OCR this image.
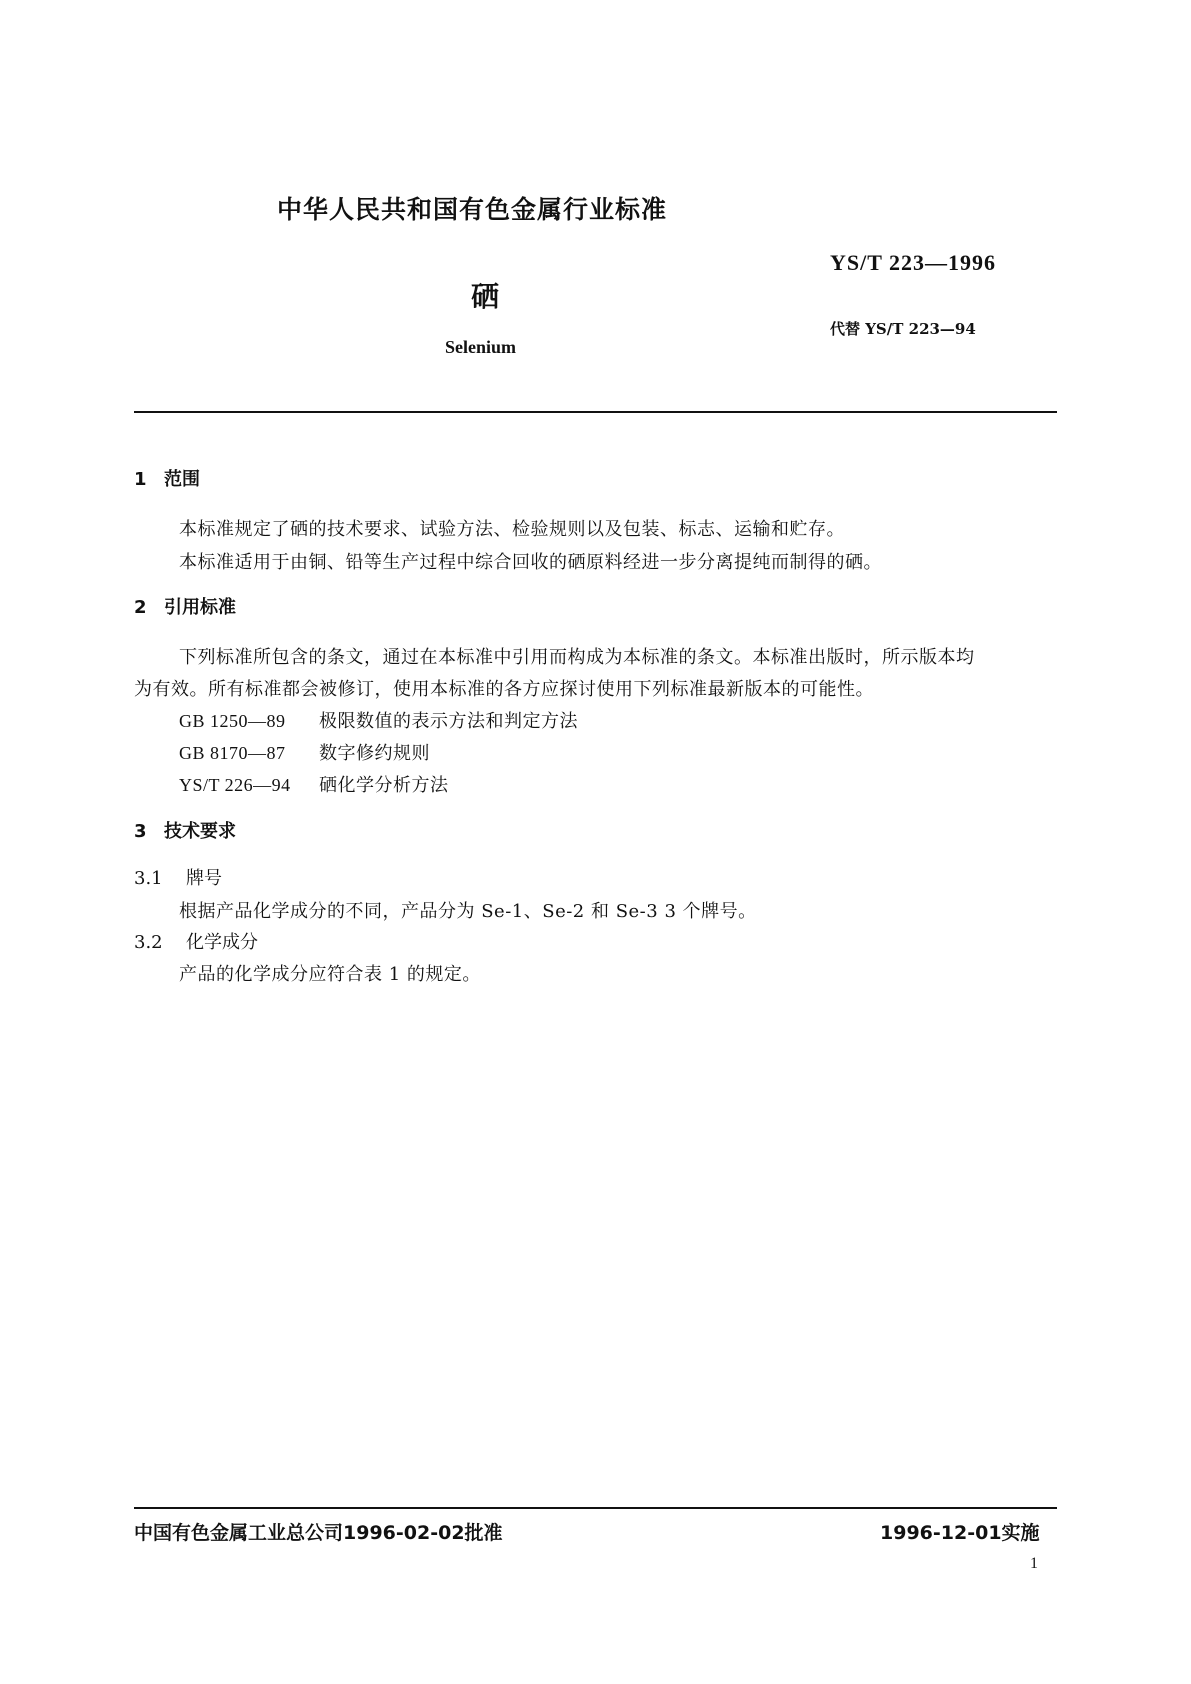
中华人民共和国有色金属行业标准
YS/T 223—1996
硒
代替 YS/T 223—94
Selenium
1 范围
本标准规定了硒的技术要求、试验方法、检验规则以及包装、标志、运输和贮存。
本标准适用于由铜、铅等生产过程中综合回收的硒原料经进一步分离提纯而制得的硒。
2 引用标准
下列标准所包含的条文，通过在本标准中引用而构成为本标准的条文。本标准出版时，所示版本均
为有效。所有标准都会被修订，使用本标准的各方应探讨使用下列标准最新版本的可能性。
GB 1250—89 极限数值的表示方法和判定方法
GB 8170—87 数字修约规则
YS/T 226—94 硒化学分析方法
3 技术要求
3.1 牌号
根据产品化学成分的不同，产品分为 Se-1、Se-2 和 Se-3 3 个牌号。
3.2 化学成分
产品的化学成分应符合表 1 的规定。
中国有色金属工业总公司1996-02-02批准	1996-12-01实施
1
